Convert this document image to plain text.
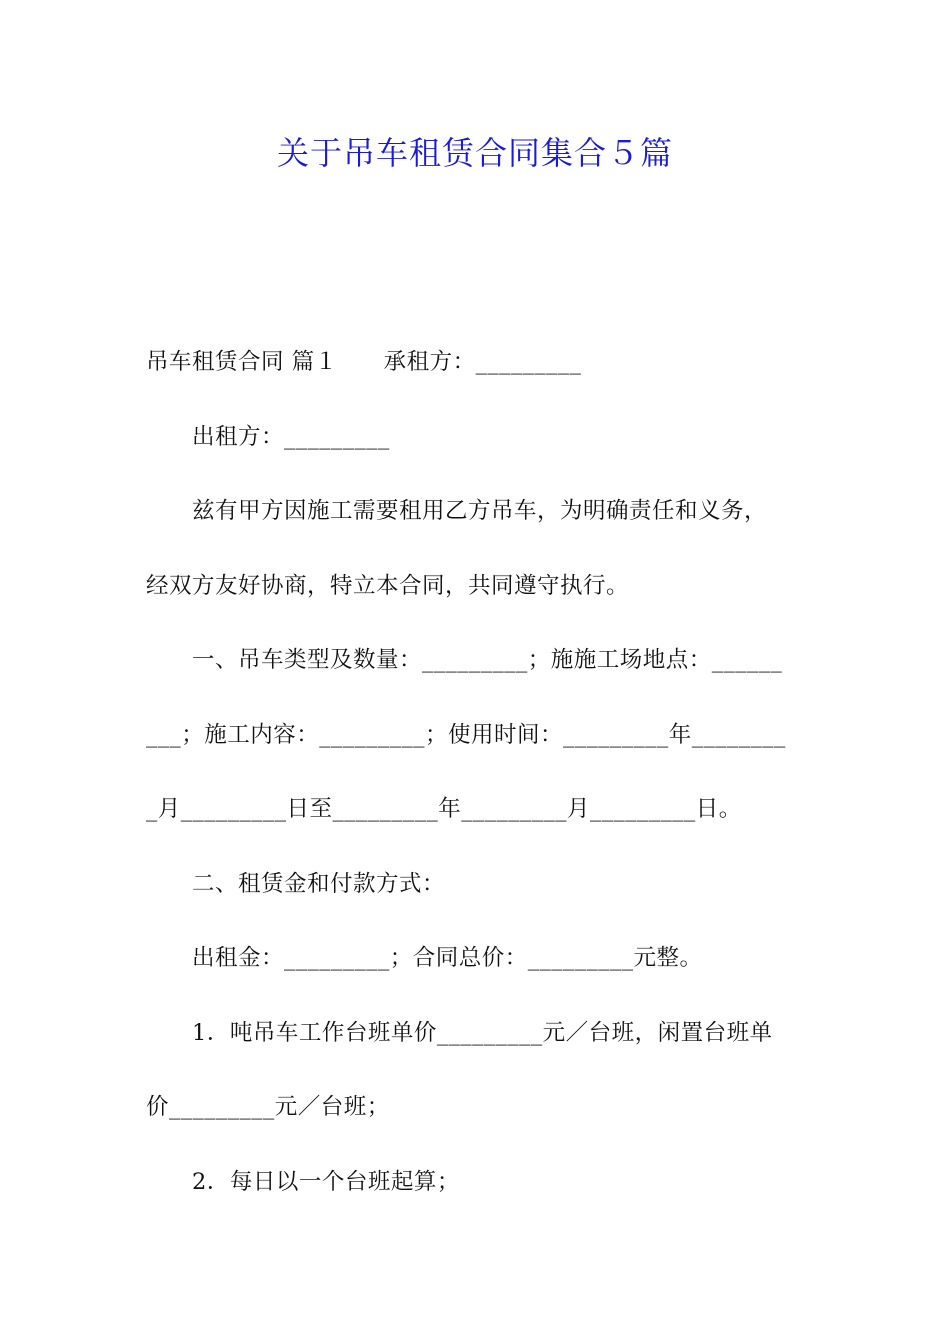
关于吊车租赁合同集合５篇

吊车租赁合同 篇１ 承租方：_________

出租方：_________

兹有甲方因施工需要租用乙方吊车，为明确责任和义务，

经双方友好协商，特立本合同，共同遵守执行。

一、吊车类型及数量：_________；施施工场地点：______

___；施工内容：_________；使用时间：_________年________

_月_________日至_________年_________月_________日。

二、租赁金和付款方式：

出租金：_________；合同总价：_________元整。

1．吨吊车工作台班单价_________元／台班，闲置台班单

价_________元／台班；

2．每日以一个台班起算；
